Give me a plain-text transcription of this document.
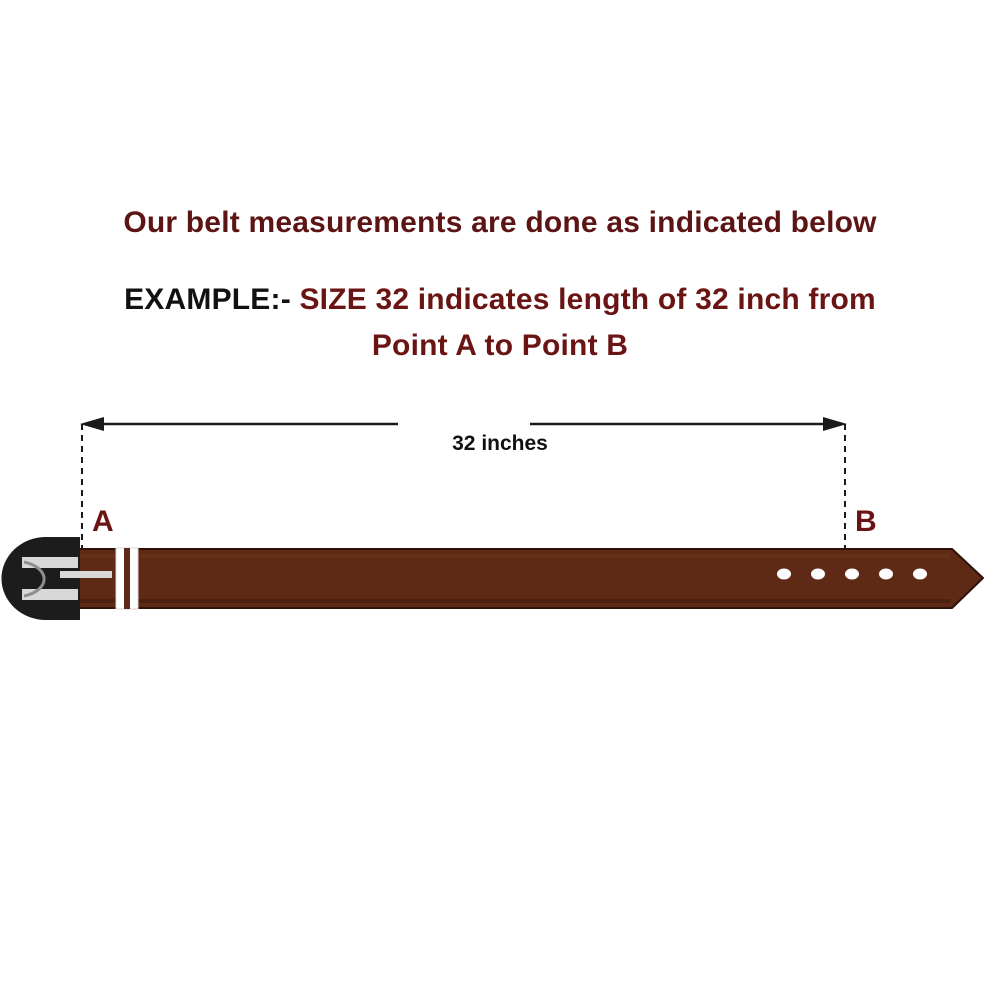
Our belt measurements are done as indicated below
EXAMPLE:- SIZE 32 indicates length of 32 inch from
Point A to Point B
32 inches
A	B
